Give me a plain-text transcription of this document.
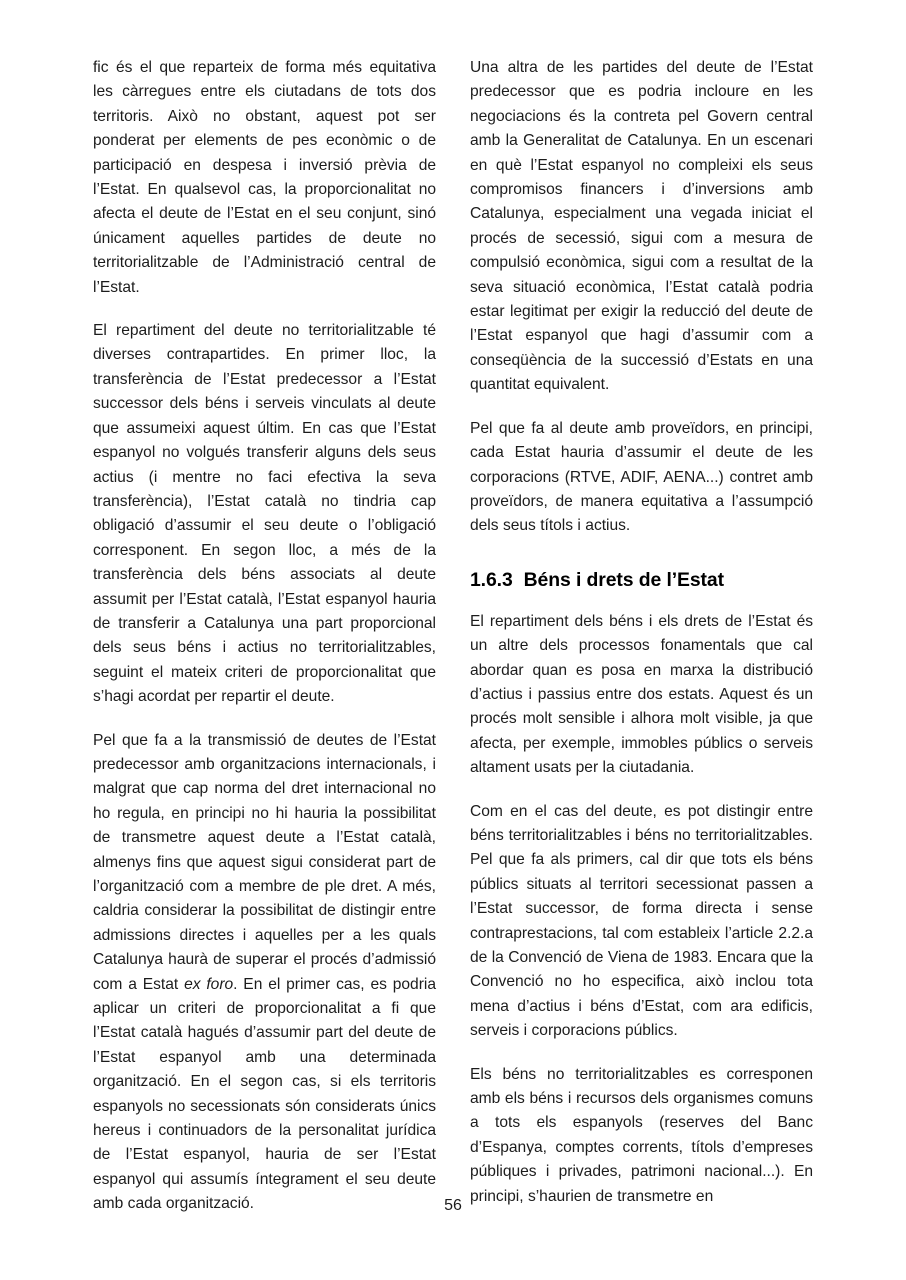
fic és el que reparteix de forma més equitativa les càrregues entre els ciutadans de tots dos territoris. Això no obstant, aquest pot ser ponderat per elements de pes econòmic o de participació en despesa i inversió prèvia de l’Estat. En qualsevol cas, la proporcionalitat no afecta el deute de l’Estat en el seu conjunt, sinó únicament aquelles partides de deute no territorialitzable de l’Administració central de l’Estat.

El repartiment del deute no territorialitzable té diverses contrapartides. En primer lloc, la transferència de l’Estat predecessor a l’Estat successor dels béns i serveis vinculats al deute que assumeixi aquest últim. En cas que l’Estat espanyol no volgués transferir alguns dels seus actius (i mentre no faci efectiva la seva transferència), l’Estat català no tindria cap obligació d’assumir el seu deute o l’obligació corresponent. En segon lloc, a més de la transferència dels béns associats al deute assumit per l’Estat català, l’Estat espanyol hauria de transferir a Catalunya una part proporcional dels seus béns i actius no territorialitzables, seguint el mateix criteri de proporcionalitat que s’hagi acordat per repartir el deute.

Pel que fa a la transmissió de deutes de l’Estat predecessor amb organitzacions internacionals, i malgrat que cap norma del dret internacional no ho regula, en principi no hi hauria la possibilitat de transmetre aquest deute a l’Estat català, almenys fins que aquest sigui considerat part de l’organització com a membre de ple dret. A més, caldria considerar la possibilitat de distingir entre admissions directes i aquelles per a les quals Catalunya haurà de superar el procés d’admissió com a Estat ex foro. En el primer cas, es podria aplicar un criteri de proporcionalitat a fi que l’Estat català hagués d’assumir part del deute de l’Estat espanyol amb una determinada organització. En el segon cas, si els territoris espanyols no secessionats són considerats únics hereus i continuadors de la personalitat jurídica de l’Estat espanyol, hauria de ser l’Estat espanyol qui assumís íntegrament el seu deute amb cada organització.

Una altra de les partides del deute de l’Estat predecessor que es podria incloure en les negociacions és la contreta pel Govern central amb la Generalitat de Catalunya. En un escenari en què l’Estat espanyol no compleixi els seus compromisos financers i d’inversions amb Catalunya, especialment una vegada iniciat el procés de secessió, sigui com a mesura de compulsió econòmica, sigui com a resultat de la seva situació econòmica, l’Estat català podria estar legitimat per exigir la reducció del deute de l’Estat espanyol que hagi d’assumir com a conseqüència de la successió d’Estats en una quantitat equivalent.

Pel que fa al deute amb proveïdors, en principi, cada Estat hauria d’assumir el deute de les corporacions (RTVE, ADIF, AENA...) contret amb proveïdors, de manera equitativa a l’assumpció dels seus títols i actius.

1.6.3 Béns i drets de l’Estat

El repartiment dels béns i els drets de l’Estat és un altre dels processos fonamentals que cal abordar quan es posa en marxa la distribució d’actius i passius entre dos estats. Aquest és un procés molt sensible i alhora molt visible, ja que afecta, per exemple, immobles públics o serveis altament usats per la ciutadania.

Com en el cas del deute, es pot distingir entre béns territorialitzables i béns no territorialitzables. Pel que fa als primers, cal dir que tots els béns públics situats al territori secessionat passen a l’Estat successor, de forma directa i sense contraprestacions, tal com estableix l’article 2.2.a de la Convenció de Viena de 1983. Encara que la Convenció no ho especifica, això inclou tota mena d’actius i béns d’Estat, com ara edificis, serveis i corporacions públics.

Els béns no territorialitzables es corresponen amb els béns i recursos dels organismes comuns a tots els espanyols (reserves del Banc d’Espanya, comptes corrents, títols d’empreses públiques i privades, patrimoni nacional...). En principi, s’haurien de transmetre en

56
